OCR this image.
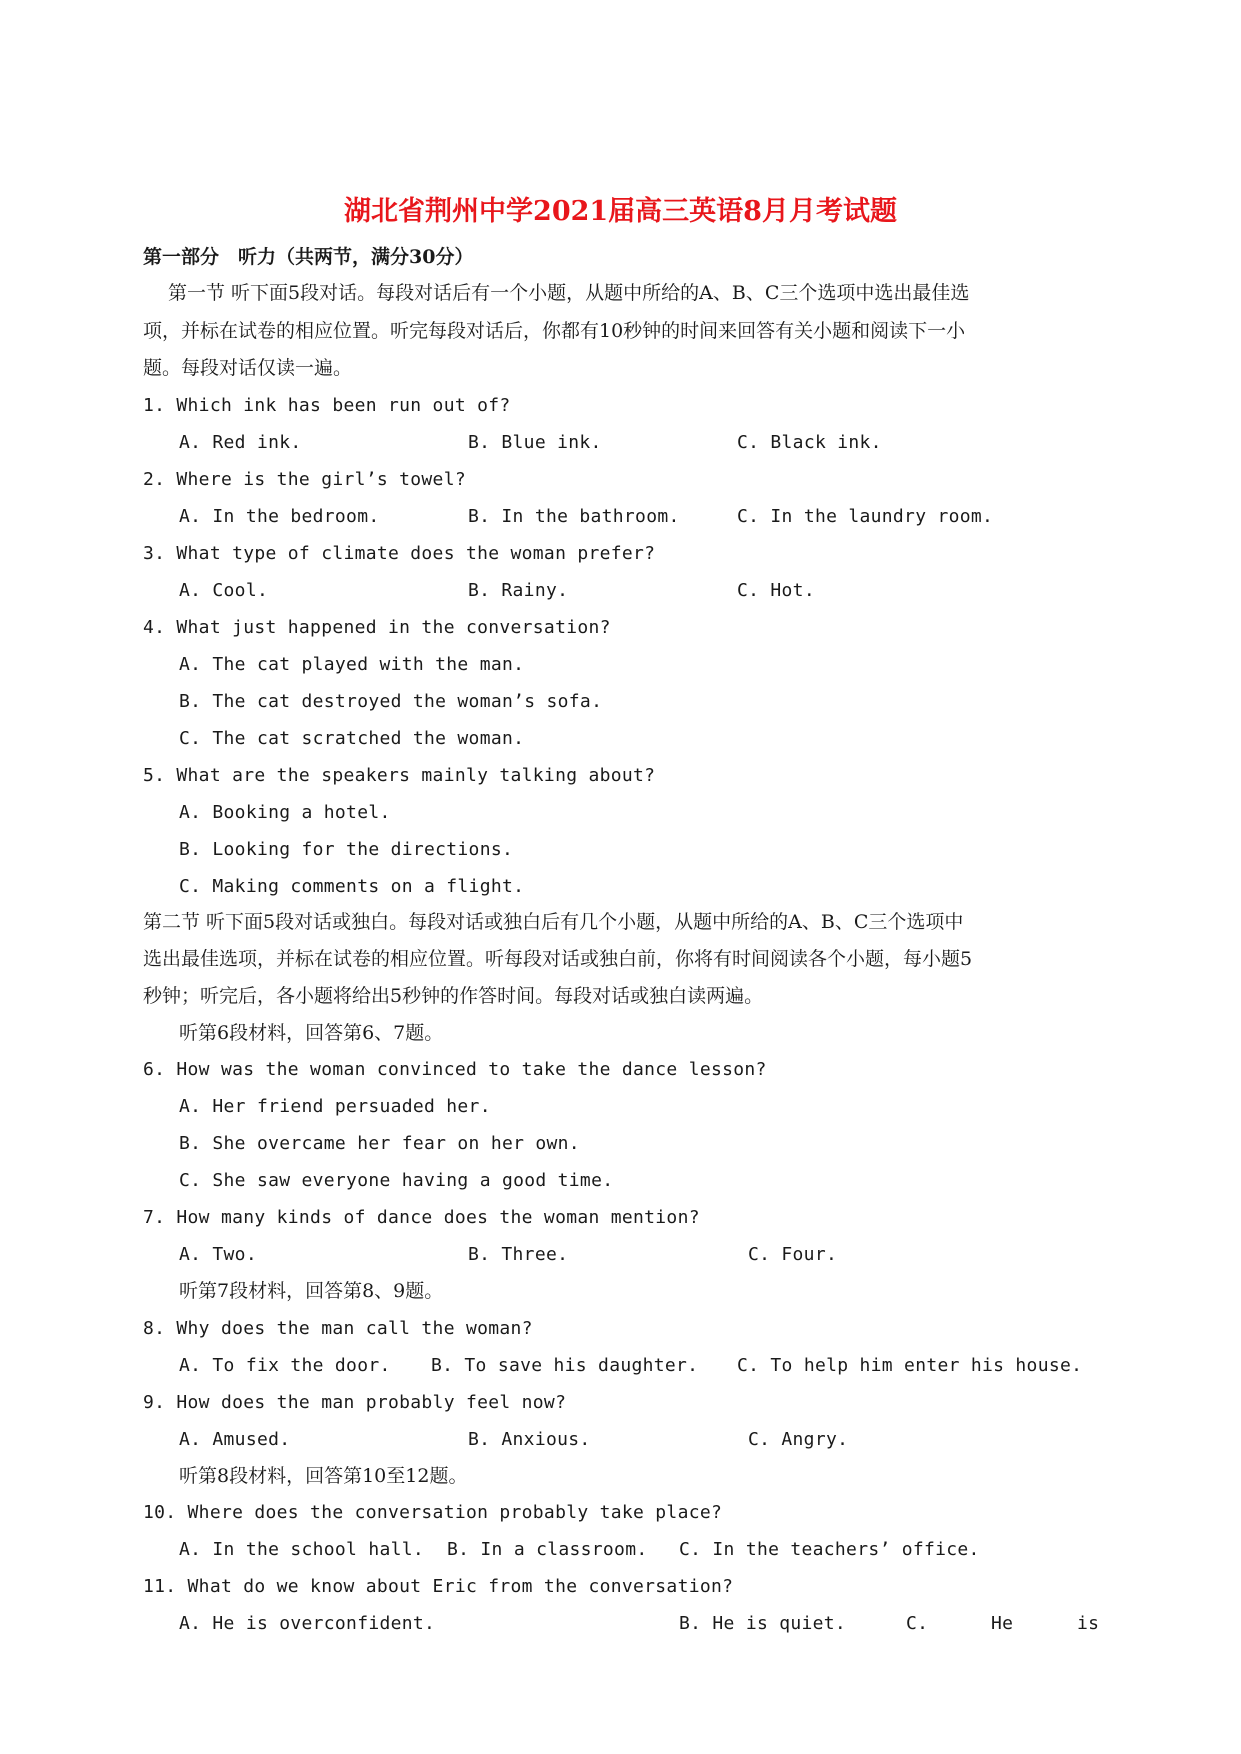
湖北省荆州中学2021届高三英语8月月考试题
第一部分　听力（共两节，满分30分）
第一节 听下面5段对话。每段对话后有一个小题，从题中所给的A、B、C三个选项中选出最佳选
项，并标在试卷的相应位置。听完每段对话后，你都有10秒钟的时间来回答有关小题和阅读下一小
题。每段对话仅读一遍。
1. Which ink has been run out of?
A. Red ink.	B. Blue ink.	C. Black ink.
2. Where is the girl’s towel?
A. In the bedroom.	B. In the bathroom.	C. In the laundry room.
3. What type of climate does the woman prefer?
A. Cool.	B. Rainy.	C. Hot.
4. What just happened in the conversation?
A. The cat played with the man.
B. The cat destroyed the woman’s sofa.
C. The cat scratched the woman.
5. What are the speakers mainly talking about?
A. Booking a hotel.
B. Looking for the directions.
C. Making comments on a flight.
第二节 听下面5段对话或独白。每段对话或独白后有几个小题，从题中所给的A、B、C三个选项中
选出最佳选项，并标在试卷的相应位置。听每段对话或独白前，你将有时间阅读各个小题，每小题5
秒钟；听完后，各小题将给出5秒钟的作答时间。每段对话或独白读两遍。
听第6段材料，回答第6、7题。
6. How was the woman convinced to take the dance lesson?
A. Her friend persuaded her.
B. She overcame her fear on her own.
C. She saw everyone having a good time.
7. How many kinds of dance does the woman mention?
A. Two.	B. Three.	C. Four.
听第7段材料，回答第8、9题。
8. Why does the man call the woman?
A. To fix the door. B. To save his daughter. C. To help him enter his house.
9. How does the man probably feel now?
A. Amused.	B. Anxious.	C. Angry.
听第8段材料，回答第10至12题。
10. Where does the conversation probably take place?
A. In the school hall. B. In a classroom. C. In the teachers’ office.
11. What do we know about Eric from the conversation?
A. He is overconfident.	B. He is quiet.	C.	He	is
